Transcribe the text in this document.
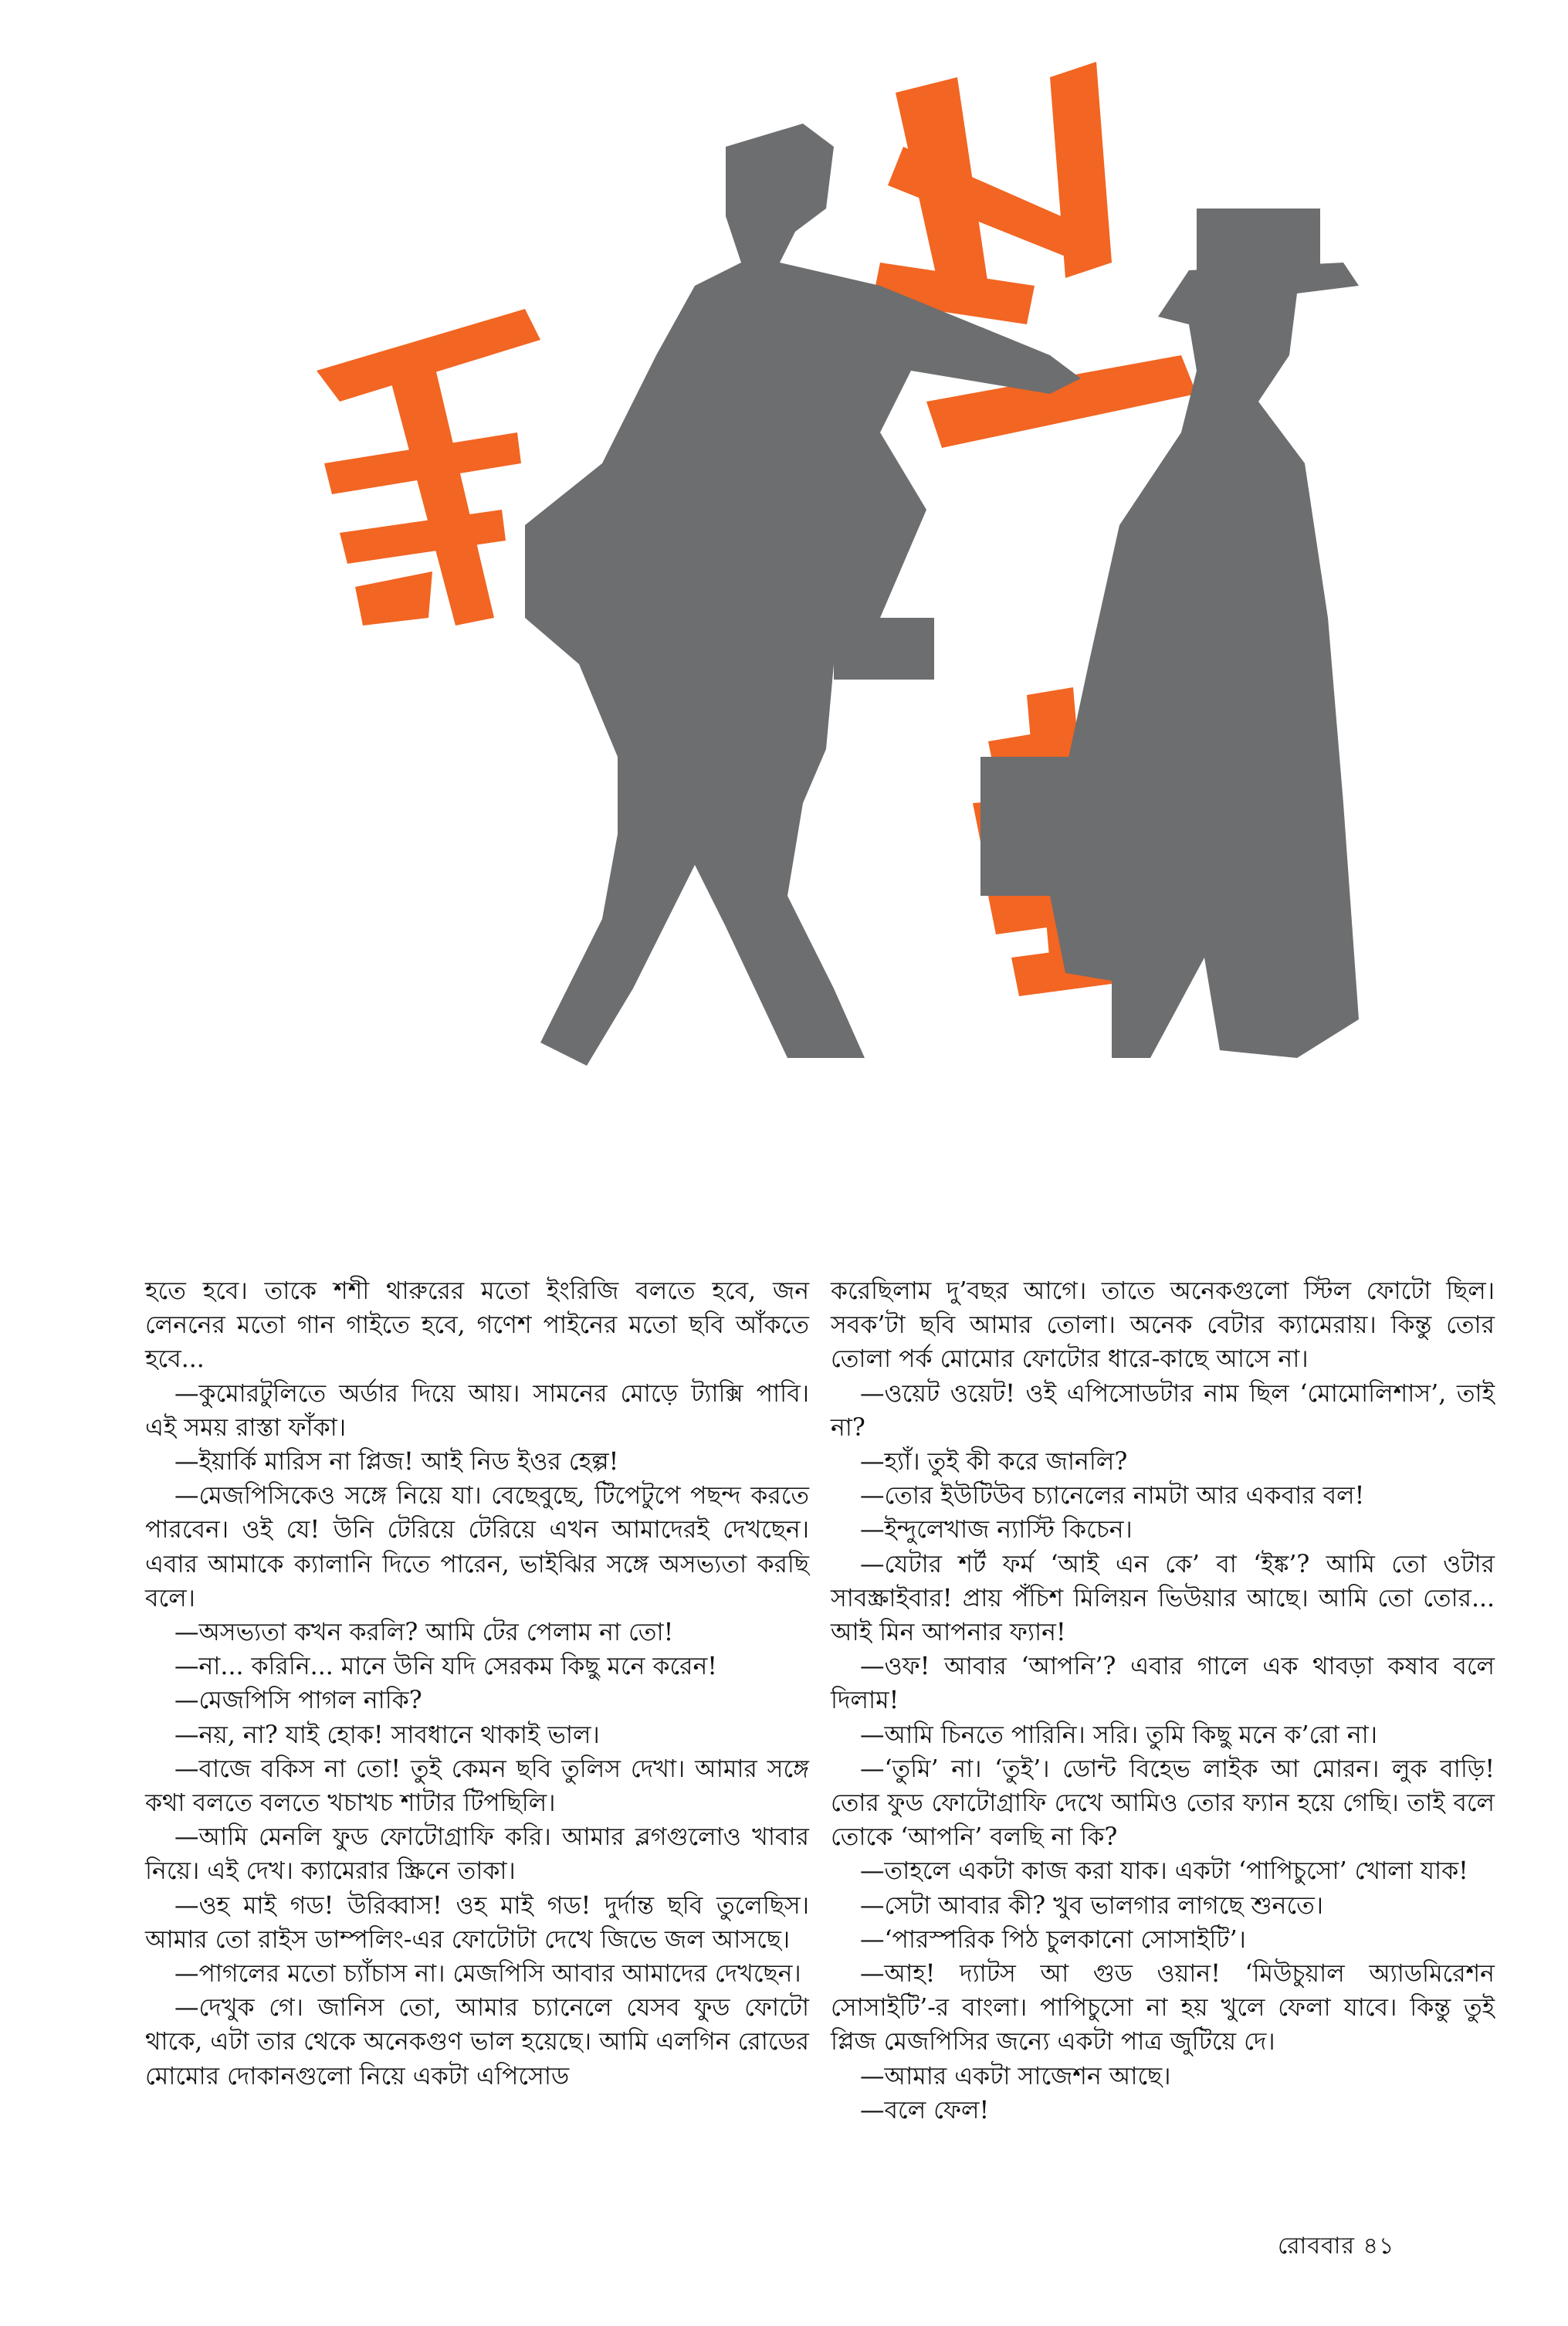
হতে হবে। তাকে শশী থারুরের মতো ইংরিজি বলতে হবে, জন লেননের মতো গান গাইতে হবে, গণেশ পাইনের মতো ছবি আঁকতে হবে...

—কুমোরটুলিতে অর্ডার দিয়ে আয়। সামনের মোড়ে ট্যাক্সি পাবি। এই সময় রাস্তা ফাঁকা।

—ইয়ার্কি মারিস না প্লিজ! আই নিড ইওর হেল্প!

—মেজপিসিকেও সঙ্গে নিয়ে যা। বেছেবুছে, টিপেটুপে পছন্দ করতে পারবেন। ওই যে! উনি টেরিয়ে টেরিয়ে এখন আমাদেরই দেখছেন। এবার আমাকে ক্যালানি দিতে পারেন, ভাইঝির সঙ্গে অসভ্যতা করছি বলে।

—অসভ্যতা কখন করলি? আমি টের পেলাম না তো!

—না... করিনি... মানে উনি যদি সেরকম কিছু মনে করেন!

—মেজপিসি পাগল নাকি?

—নয়, না? যাই হোক! সাবধানে থাকাই ভাল।

—বাজে বকিস না তো! তুই কেমন ছবি তুলিস দেখা। আমার সঙ্গে কথা বলতে বলতে খচাখচ শাটার টিপছিলি।

—আমি মেনলি ফুড ফোটোগ্রাফি করি। আমার ব্লগগুলোও খাবার নিয়ে। এই দেখ। ক্যামেরার স্ক্রিনে তাকা।

—ওহ মাই গড! উরিব্বাস! ওহ মাই গড! দুর্দান্ত ছবি তুলেছিস। আমার তো রাইস ডাম্পলিং-এর ফোটোটা দেখে জিভে জল আসছে।

—পাগলের মতো চ্যাঁচাস না। মেজপিসি আবার আমাদের দেখছেন।

—দেখুক গে। জানিস তো, আমার চ্যানেলে যেসব ফুড ফোটো থাকে, এটা তার থেকে অনেকগুণ ভাল হয়েছে। আমি এলগিন রোডের মোমোর দোকানগুলো নিয়ে একটা এপিসোড

করেছিলাম দু’বছর আগে। তাতে অনেকগুলো স্টিল ফোটো ছিল। সবক’টা ছবি আমার তোলা। অনেক বেটার ক্যামেরায়। কিন্তু তোর তোলা পর্ক মোমোর ফোটোর ধারে-কাছে আসে না।

—ওয়েট ওয়েট! ওই এপিসোডটার নাম ছিল ‘মোমোলিশাস’, তাই না?

—হ্যাঁ। তুই কী করে জানলি?

—তোর ইউটিউব চ্যানেলের নামটা আর একবার বল!

—ইন্দুলেখাজ ন্যাস্টি কিচেন।

—যেটার শর্ট ফর্ম ‘আই এন কে’ বা ‘ইঙ্ক’? আমি তো ওটার সাবস্ক্রাইবার! প্রায় পঁচিশ মিলিয়ন ভিউয়ার আছে। আমি তো তোর... আই মিন আপনার ফ্যান!

—ওফ! আবার ‘আপনি’? এবার গালে এক থাবড়া কষাব বলে দিলাম!

—আমি চিনতে পারিনি। সরি। তুমি কিছু মনে ক’রো না।

—‘তুমি’ না। ‘তুই’। ডোন্ট বিহেভ লাইক আ মোরন। লুক বাড়ি! তোর ফুড ফোটোগ্রাফি দেখে আমিও তোর ফ্যান হয়ে গেছি। তাই বলে তোকে ‘আপনি’ বলছি না কি?

—তাহলে একটা কাজ করা যাক। একটা ‘পাপিচুসো’ খোলা যাক!

—সেটা আবার কী? খুব ভালগার লাগছে শুনতে।

—‘পারস্পরিক পিঠ চুলকানো সোসাইটি’।

—আহ! দ্যাটস আ গুড ওয়ান! ‘মিউচুয়াল অ্যাডমিরেশন সোসাইটি’-র বাংলা। পাপিচুসো না হয় খুলে ফেলা যাবে। কিন্তু তুই প্লিজ মেজপিসির জন্যে একটা পাত্র জুটিয়ে দে।

—আমার একটা সাজেশন আছে।

—বলে ফেল!

রোববার ৪১
